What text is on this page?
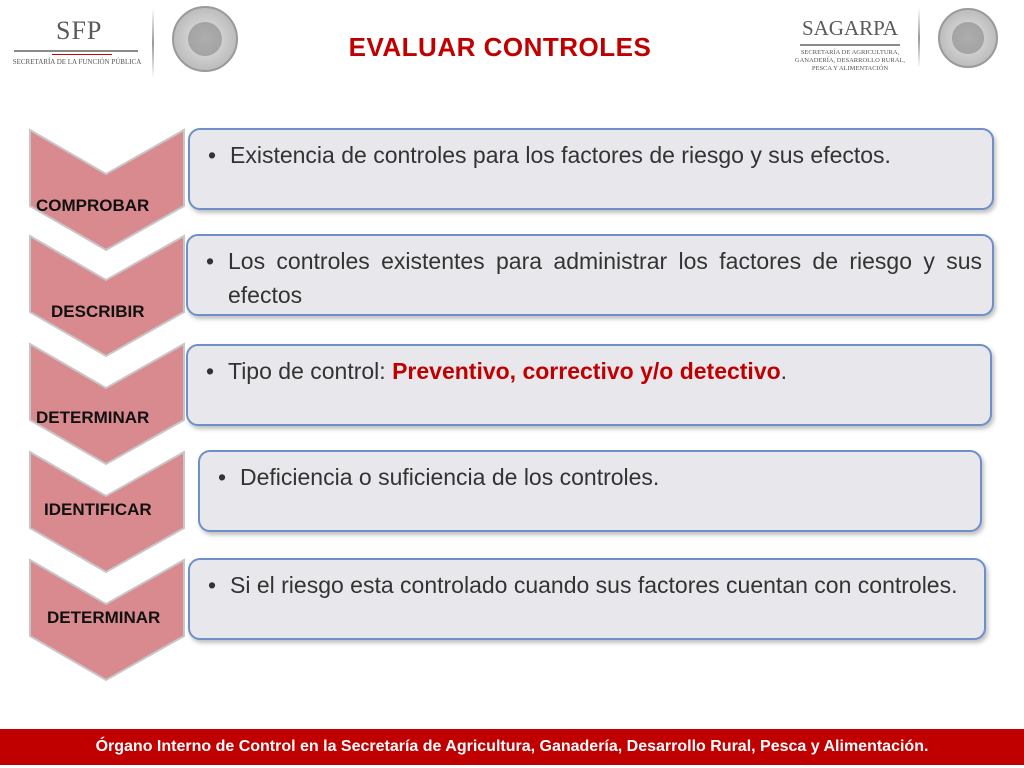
SFP
SECRETARÍA DE LA FUNCIÓN PÚBLICA	EVALUAR CONTROLES
SAGARPA
SECRETARÍA DE AGRICULTURA, GANADERÍA, DESARROLLO RURAL, PESCA Y ALIMENTACIÓN
COMPROBAR
• Existencia de controles para los factores de riesgo y sus efectos.
DESCRIBIR
• Los controles existentes para administrar los factores de riesgo y sus efectos
DETERMINAR
• Tipo de control: Preventivo, correctivo y/o detectivo.
IDENTIFICAR
• Deficiencia o suficiencia de los controles.
DETERMINAR
• Si el riesgo esta controlado cuando sus factores cuentan con controles.
Órgano Interno de Control en la Secretaría de Agricultura, Ganadería, Desarrollo Rural, Pesca y Alimentación.
